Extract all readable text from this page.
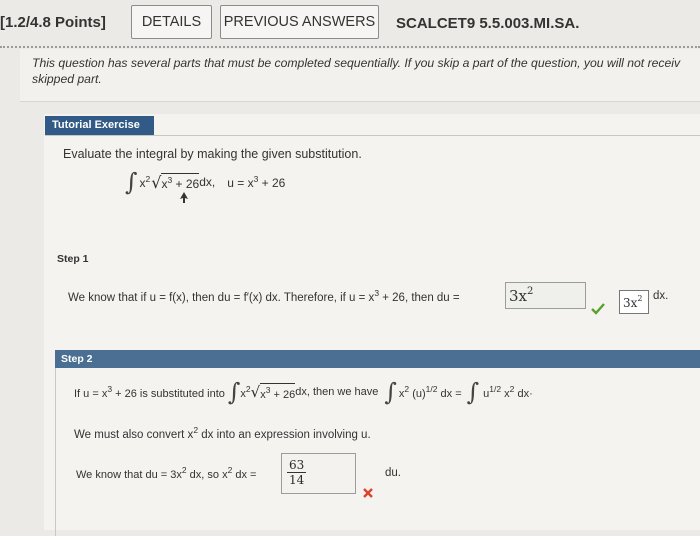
[1.2/4.8 Points] DETAILS PREVIOUS ANSWERS SCALCET9 5.5.003.MI.SA.
This question has several parts that must be completed sequentially. If you skip a part of the question, you will not receiv skipped part.
Tutorial Exercise
Evaluate the integral by making the given substitution.
∫ $x^2$ √ $x^3 + 26$ dx, $u = x^3 + 26$
Step 1
We know that if u = f(x), then du = f′(x) dx. Therefore, if $u = x^3 + 26$, then du =	$3x^2$
$3x^2$ dx.
Step 2
If $u = x^3 + 26$ is substituted into ∫ $x^2$ √ $x^3 + 26$ dx, then we have ∫ $x^2$ $(u)^{1/2}$ dx = ∫ $u^{1/2}$ $x^2$ dx·
We must also convert $x^2$ dx into an expression involving u.
We know that du = $3x^2$ dx, so $x^2$ dx =	$\frac{63}{14}$	du.
